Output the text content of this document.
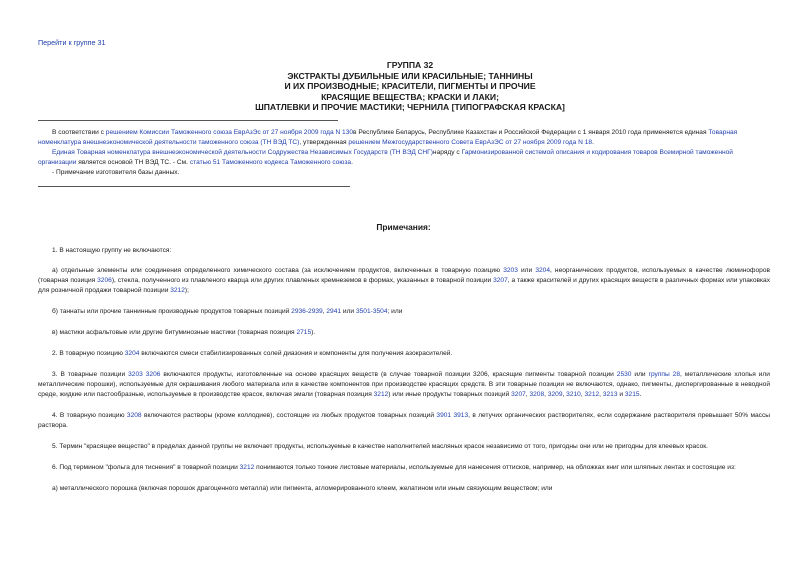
Перейти к группе 31
ГРУППА 32
ЭКСТРАКТЫ ДУБИЛЬНЫЕ ИЛИ КРАСИЛЬНЫЕ; ТАННИНЫ
И ИХ ПРОИЗВОДНЫЕ; КРАСИТЕЛИ, ПИГМЕНТЫ И ПРОЧИЕ
КРАСЯЩИЕ ВЕЩЕСТВА; КРАСКИ И ЛАКИ;
ШПАТЛЕВКИ И ПРОЧИЕ МАСТИКИ; ЧЕРНИЛА [ТИПОГРАФСКАЯ КРАСКА]

В соответствии с решением Комиссии Таможенного союза ЕврАзЭс от 27 ноября 2009 года N 130в Республике Беларусь, Республике Казахстан и Российской Федерации с 1 января 2010 года применяется единая Товарная номенклатура внешнеэкономической деятельности таможенного союза (ТН ВЭД ТС), утвержденная решением Межгосударственного Совета ЕврАзЭС от 27 ноября 2009 года N 18.

Единая Товарная номенклатура внешнеэкономической деятельности Содружества Независимых Государств (ТН ВЭД СНГ)наряду с Гармонизированной системой описания и кодирования товаров Всемирной таможенной организации является основой ТН ВЭД ТС. - См. статью 51 Таможенного кодекса Таможенного союза.

- Примечание изготовителя базы данных.

Примечания:

1. В настоящую группу не включаются:

а) отдельные элементы или соединения определенного химического состава (за исключением продуктов, включенных в товарную позицию 3203 или 3204, неорганических продуктов, используемых в качестве люминофоров (товарная позиция 3206), стекла, полученного из плавленого кварца или других плавленых кремнеземов в формах, указанных в товарной позиции 3207, а также красителей и других красящих веществ в различных формах или упаковках для розничной продажи товарной позиции 3212);

б) таннаты или прочие таннинные производные продуктов товарных позиций 2936-2939, 2941 или 3501-3504; или

в) мастики асфальтовые или другие битуминозные мастики (товарная позиция 2715).

2. В товарную позицию 3204 включаются смеси стабилизированных солей диазония и компоненты для получения азокрасителей.

3. В товарные позиции 3203 3206 включаются продукты, изготовленные на основе красящих веществ (в случае товарной позиции 3206, красящие пигменты товарной позиции 2530 или группы 28, металлические хлопья или металлические порошки), используемые для окрашивания любого материала или в качестве компонентов при производстве красящих средств. В эти товарные позиции не включаются, однако, пигменты, диспергированные в неводной среде, жидкие или пастообразные, используемые в производстве красок, включая эмали (товарная позиция 3212) или иные продукты товарных позиций 3207, 3208, 3209, 3210, 3212, 3213 и 3215.

4. В товарную позицию 3208 включаются растворы (кроме коллодиев), состоящие из любых продуктов товарных позиций 3901 3913, в летучих органических растворителях, если содержание растворителя превышает 50% массы раствора.

5. Термин "красящее вещество" в пределах данной группы не включает продукты, используемые в качестве наполнителей масляных красок независимо от того, пригодны они или не пригодны для клеевых красок.

6. Под термином "фольга для тиснения" в товарной позиции 3212 понимаются только тонкие листовые материалы, используемые для нанесения оттисков, например, на обложках книг или шляпных лентах и состоящие из:

а) металлического порошка (включая порошок драгоценного металла) или пигмента, агломерированного клеем, желатином или иным связующим веществом; или
